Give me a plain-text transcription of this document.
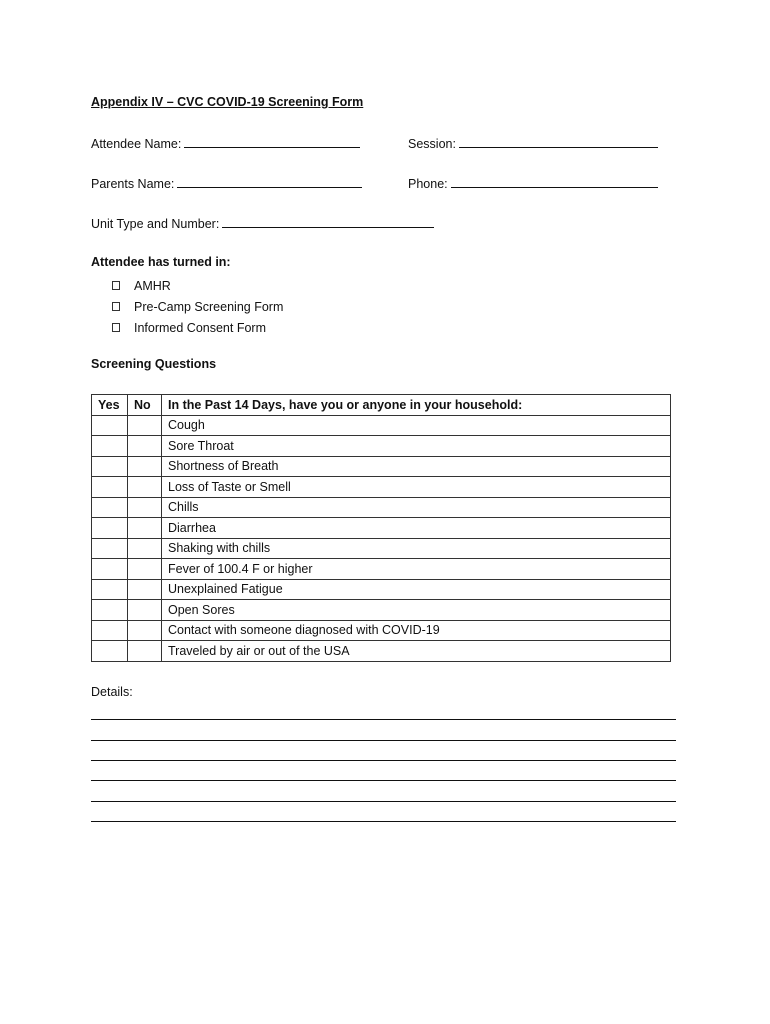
Appendix IV – CVC COVID-19 Screening Form
Attendee Name:	Session:
Parents Name:	Phone:
Unit Type and Number:
Attendee has turned in:
AMHR
Pre-Camp Screening Form
Informed Consent Form
Screening Questions
Yes	No	In the Past 14 Days, have you or anyone in your household:
		Cough
		Sore Throat
		Shortness of Breath
		Loss of Taste or Smell
		Chills
		Diarrhea
		Shaking with chills
		Fever of 100.4 F or higher
		Unexplained Fatigue
		Open Sores
		Contact with someone diagnosed with COVID-19
		Traveled by air or out of the USA
Details:
